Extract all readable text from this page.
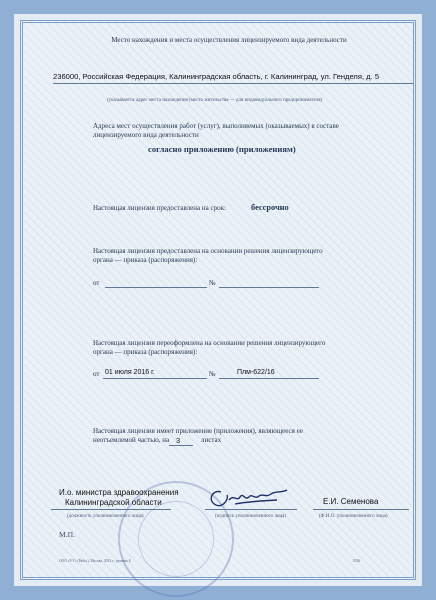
Место нахождения и места осуществления лицензируемого вида деятельности
236000, Российская Федерация, Калининградская область, г. Калининград, ул. Генделя, д. 5
(указывается адрес места нахождения (место жительства — для индивидуального предпринимателя)
Адреса мест осуществления работ (услуг), выполняемых (оказываемых) в составе
лицензируемого вида деятельности
согласно приложению (приложениям)
Настоящая лицензия предоставлена на срок:	бессрочно
Настоящая лицензия предоставлена на основании решения лицензирующего
органа — приказа (распоряжения):
от	№
Настоящая лицензия переоформлена на основании решения лицензирующего
органа — приказа (распоряжения):
от 01 июля 2016 г.	№	Плм-622/16
Настоящая лицензия имеет приложение (приложения), являющееся ее
неотъемлемой частью, на 3	листах
И.о. министра здравоохранения
Калининградской области
(должность уполномоченного лица)	(подпись уполномоченного лица)
Е.И. Семенова
(Ф.И.О. уполномоченного лица)
М.П.
ООО «Р-Т» (Рябь»), Москва, 2013 г., уровень Б	0336
